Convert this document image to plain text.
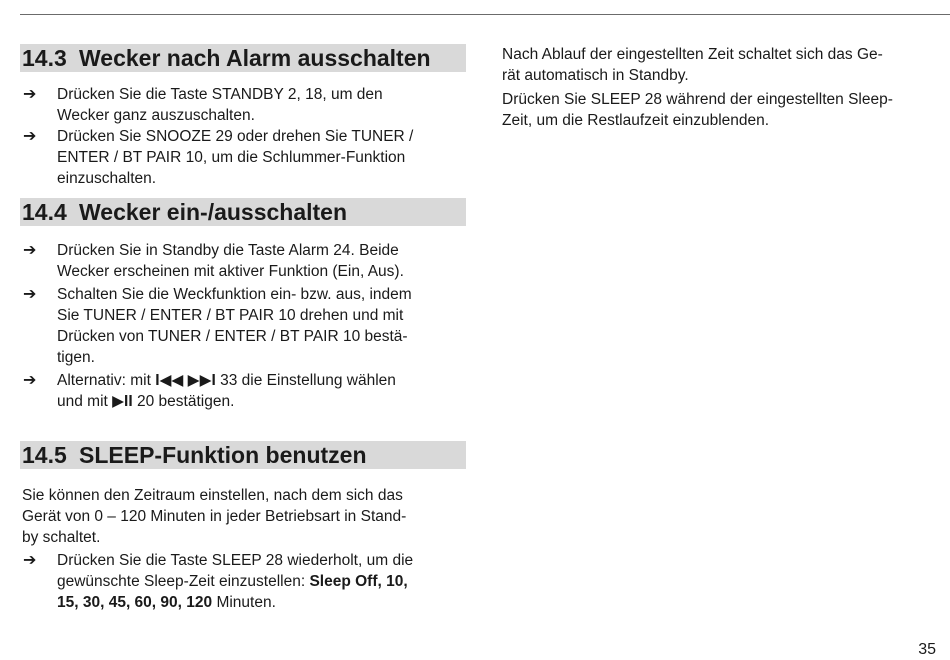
14.3 Wecker nach Alarm ausschalten
➔ Drücken Sie die Taste STANDBY 2, 18, um den
Wecker ganz auszuschalten.
➔ Drücken Sie SNOOZE 29 oder drehen Sie TUNER /
ENTER / BT PAIR 10, um die Schlummer-Funktion
einzuschalten.
14.4 Wecker ein-/ausschalten
➔ Drücken Sie in Standby die Taste Alarm 24. Beide
Wecker erscheinen mit aktiver Funktion (Ein, Aus).
➔ Schalten Sie die Weckfunktion ein- bzw. aus, indem
Sie TUNER / ENTER / BT PAIR 10 drehen und mit
Drücken von TUNER / ENTER / BT PAIR 10 bestä-
tigen.
➔ Alternativ: mit I◀◀ ▶▶I 33 die Einstellung wählen
und mit ▶II 20 bestätigen.
14.5 SLEEP-Funktion benutzen

Sie können den Zeitraum einstellen, nach dem sich das
Gerät von 0 – 120 Minuten in jeder Betriebsart in Stand-
by schaltet.

➔ Drücken Sie die Taste SLEEP 28 wiederholt, um die
gewünschte Sleep-Zeit einzustellen: Sleep Off, 10,
15, 30, 45, 60, 90, 120 Minuten.

Nach Ablauf der eingestellten Zeit schaltet sich das Ge-
rät automatisch in Standby.

Drücken Sie SLEEP 28 während der eingestellten Sleep-
Zeit, um die Restlaufzeit einzublenden.

35
